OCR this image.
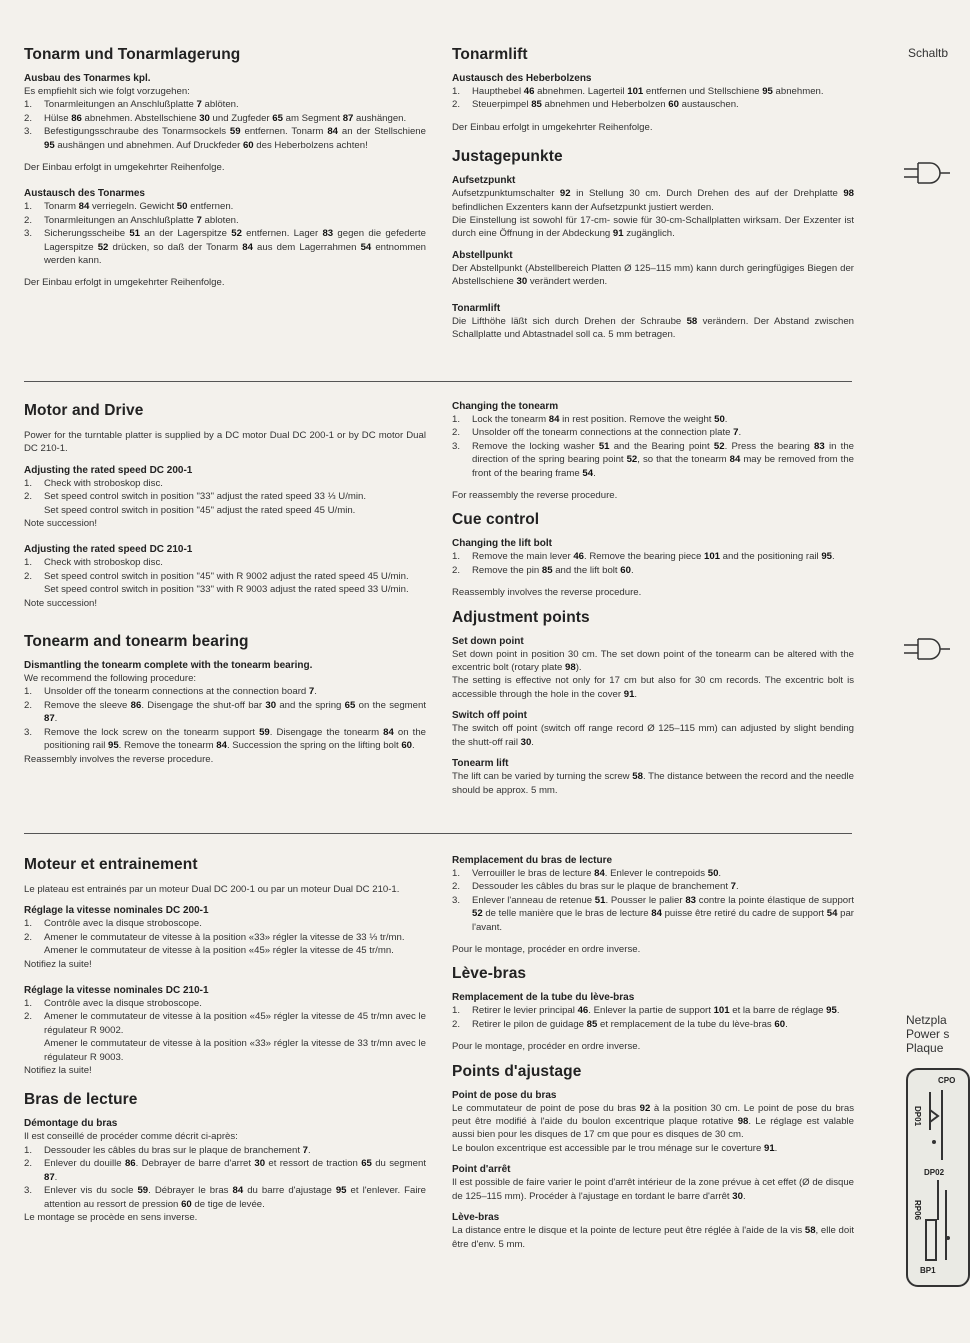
Tonarm und Tonarmlagerung
Ausbau des Tonarmes kpl.

Es empfiehlt sich wie folgt vorzugehen:

1. Tonarmleitungen an Anschlußplatte 7 ablöten.
2. Hülse 86 abnehmen. Abstellschiene 30 und Zugfeder 65 am Segment 87 aushängen.
3. Befestigungsschraube des Tonarmsockels 59 entfernen. Tonarm 84 an der Stellschiene 95 aushängen und abnehmen. Auf Druckfeder 60 des Heberbolzens achten!

Der Einbau erfolgt in umgekehrter Reihenfolge.

Austausch des Tonarmes
1. Tonarm 84 verriegeln. Gewicht 50 entfernen.
2. Tonarmleitungen an Anschlußplatte 7 abloten.
3. Sicherungsscheibe 51 an der Lagerspitze 52 entfernen. Lager 83 gegen die gefederte Lagerspitze 52 drücken, so daß der Tonarm 84 aus dem Lagerrahmen 54 entnommen werden kann.

Der Einbau erfolgt in umgekehrter Reihenfolge.

Tonarmlift
Austausch des Heberbolzens
1. Haupthebel 46 abnehmen. Lagerteil 101 entfernen und Stellschiene 95 abnehmen.
2. Steuerpimpel 85 abnehmen und Heberbolzen 60 austauschen.

Der Einbau erfolgt in umgekehrter Reihenfolge.

Justagepunkte
Aufsetzpunkt

Aufsetzpunktumschalter 92 in Stellung 30 cm. Durch Drehen des auf der Drehplatte 98 befindlichen Exzenters kann der Aufsetzpunkt justiert werden.
Die Einstellung ist sowohl für 17-cm- sowie für 30-cm-Schallplatten wirksam. Der Exzenter ist durch eine Öffnung in der Abdeckung 91 zugänglich.

Abstellpunkt

Der Abstellpunkt (Abstellbereich Platten Ø 125–115 mm) kann durch geringfügiges Biegen der Abstellschiene 30 verändert werden.

Tonarmlift

Die Lifthöhe läßt sich durch Drehen der Schraube 58 verändern. Der Abstand zwischen Schallplatte und Abtastnadel soll ca. 5 mm betragen.

Motor and Drive

Power for the turntable platter is supplied by a DC motor Dual DC 200-1 or by DC motor Dual DC 210-1.

Adjusting the rated speed DC 200-1
1. Check with stroboskop disc.
2. Set speed control switch in position "33" adjust the rated speed 33 ⅓ U/min.
Set speed control switch in position "45" adjust the rated speed 45 U/min.

Note succession!

Adjusting the rated speed DC 210-1
1. Check with stroboskop disc.
2. Set speed control switch in position "45" with R 9002 adjust the rated speed 45 U/min.
Set speed control switch in position "33" with R 9003 adjust the rated speed 33 U/min.

Note succession!

Tonearm and tonearm bearing
Dismantling the tonearm complete with the tonearm bearing.

We recommend the following procedure:

1. Unsolder off the tonearm connections at the connection board 7.
2. Remove the sleeve 86. Disengage the shut-off bar 30 and the spring 65 on the segment 87.
3. Remove the lock screw on the tonearm support 59. Disengage the tonearm 84 on the positioning rail 95. Remove the tonearm 84. Succession the spring on the lifting bolt 60.

Reassembly involves the reverse procedure.

Changing the tonearm
1. Lock the tonearm 84 in rest position. Remove the weight 50.
2. Unsolder off the tonearm connections at the connection plate 7.
3. Remove the locking washer 51 and the Bearing point 52. Press the bearing 83 in the direction of the spring bearing point 52, so that the tonearm 84 may be removed from the front of the bearing frame 54.

For reassembly the reverse procedure.

Cue control
Changing the lift bolt
1. Remove the main lever 46. Remove the bearing piece 101 and the positioning rail 95.
2. Remove the pin 85 and the lift bolt 60.

Reassembly involves the reverse procedure.

Adjustment points
Set down point

Set down point in position 30 cm. The set down point of the tonearm can be altered with the excentric bolt (rotary plate 98).
The setting is effective not only for 17 cm but also for 30 cm records. The excentric bolt is accessible through the hole in the cover 91.

Switch off point

The switch off point (switch off range record Ø 125–115 mm) can adjusted by slight bending the shutt-off rail 30.

Tonearm lift

The lift can be varied by turning the screw 58. The distance between the record and the needle should be approx. 5 mm.

Moteur et entrainement

Le plateau est entrainés par un moteur Dual DC 200-1 ou par un moteur Dual DC 210-1.

Réglage la vitesse nominales DC 200-1
1. Contrôle avec la disque stroboscope.
2. Amener le commutateur de vitesse à la position «33» régler la vitesse de 33 ⅓ tr/mn.
Amener le commutateur de vitesse à la position «45» régler la vitesse de 45 tr/mn.

Notifiez la suite!

Réglage la vitesse nominales DC 210-1
1. Contrôle avec la disque stroboscope.
2. Amener le commutateur de vitesse à la position «45» régler la vitesse de 45 tr/mn avec le régulateur R 9002.
Amener le commutateur de vitesse à la position «33» régler la vitesse de 33 tr/mn avec le régulateur R 9003.

Notifiez la suite!

Bras de lecture
Démontage du bras

Il est conseillé de procéder comme décrit ci-après:

1. Dessouder les câbles du bras sur le plaque de branchement 7.
2. Enlever du douille 86. Debrayer de barre d'arret 30 et ressort de traction 65 du segment 87.
3. Enlever vis du socle 59. Débrayer le bras 84 du barre d'ajustage 95 et l'enlever. Faire attention au ressort de pression 60 de tige de levée.

Le montage se procède en sens inverse.

Remplacement du bras de lecture
1. Verrouiller le bras de lecture 84. Enlever le contrepoids 50.
2. Dessouder les câbles du bras sur le plaque de branchement 7.
3. Enlever l'anneau de retenue 51. Pousser le palier 83 contre la pointe élastique de support 52 de telle manière que le bras de lecture 84 puisse être retiré du cadre de support 54 par l'avant.

Pour le montage, procéder en ordre inverse.

Lève-bras
Remplacement de la tube du lève-bras
1. Retirer le levier principal 46. Enlever la partie de support 101 et la barre de réglage 95.
2. Retirer le pilon de guidage 85 et remplacement de la tube du lève-bras 60.

Pour le montage, procéder en ordre inverse.

Points d'ajustage
Point de pose du bras

Le commutateur de point de pose du bras 92 à la position 30 cm. Le point de pose du bras peut être modifié à l'aide du boulon excentrique plaque rotative 98. Le réglage est valable aussi bien pour les disques de 17 cm que pour es disques de 30 cm.
Le boulon excentrique est accessible par le trou ménage sur le coverture 91.

Point d'arrêt

Il est possible de faire varier le point d'arrêt intérieur de la zone prévue à cet effet (Ø de disque de 125–115 mm). Procéder à l'ajustage en tordant le barre d'arrêt 30.

Lève-bras

La distance entre le disque et la pointe de lecture peut être réglée à l'aide de la vis 58, elle doit être d'env. 5 mm.

Schaltb
Netzpla
Power s
Plaque
CPO
DP01
DP02
RP06
BP1
